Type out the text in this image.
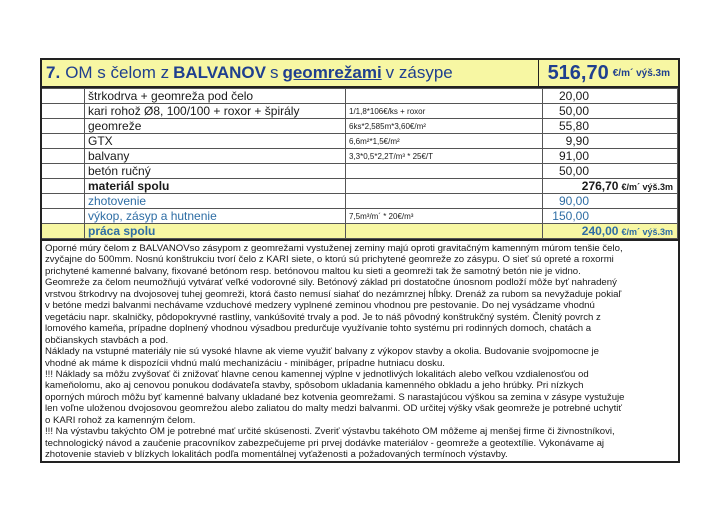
7. OM s čelom z BALVANOV s geomrežami v zásype	516,70 €/m´ výš.3m
	štrkodrva + geomreža pod čelo		20,00
	kari rohož Ø8, 100/100 + roxor + špirály	1/1,8*106€/ks + roxor	50,00
	geomreže	6ks*2,585m*3,60€/m²	55,80
	GTX	6,6m²*1,5€/m²	9,90
	balvany	3,3*0,5*2,2T/m³ * 25€/T	91,00
	betón ručný		50,00
	materiál spolu		276,70 €/m´ výš.3m
	zhotovenie		90,00
	výkop, zásyp a hutnenie	7,5m³/m´ * 20€/m³	150,00
	práca spolu		240,00 €/m´ výš.3m

Oporné múry čelom z BALVANOVso zásypom z geomrežami vystuženej zeminy majú oproti gravitačným kamenným múrom tenšie čelo,

zvyčajne do 500mm. Nosnú konštrukciu tvorí čelo z KARI siete, o ktorú sú prichytené geomreže zo zásypu. O sieť sú opreté a roxormi

prichytené kamenné balvany, fixované betónom resp. betónovou maltou ku sieti a geomreži tak že samotný betón nie je vidno.

Geomreže za čelom neumožňujú vytvárať veľké vodorovné sily. Betónový základ pri dostatočne únosnom podloží môže byť nahradený

vrstvou štrkodrvy na dvojosovej tuhej geomreži, ktorá často nemusí siahať do nezámrznej hĺbky. Drenáž za rubom sa nevyžaduje pokiaľ

v betóne medzi balvanmi nechávame vzduchové medzery vyplnené zeminou vhodnou pre pestovanie. Do nej vysádzame vhodnú

vegetáciu napr. skalničky, pôdopokryvné rastliny, vankúšovité trvaly a pod. Je to náš pôvodný konštrukčný systém. Členitý povrch z

lomového kameňa, prípadne doplnený vhodnou výsadbou predurčuje využívanie tohto systému pri rodinných domoch, chatách a

občianskych stavbách a pod.

Náklady na vstupné materiály nie sú vysoké hlavne ak vieme využiť balvany z výkopov stavby a okolia. Budovanie svojpomocne je

vhodné ak máme k dispozícii vhdnú malú mechanizáciu - minibáger, prípadne hutniacu dosku.

!!! Náklady sa môžu zvyšovať či znižovať hlavne cenou kamennej výplne v jednotlivých lokalitách alebo veľkou vzdialenosťou od

kameňolomu, ako aj cenovou ponukou dodávateľa stavby, spôsobom ukladania kamenného obkladu a jeho hrúbky. Pri nízkych

oporných múroch môžu byť kamenné balvany ukladané bez kotvenia geomrežami. S narastajúcou výškou sa zemina v zásype vystužuje

len voľne uloženou dvojosovou geomrežou alebo zaliatou do malty medzi balvanmi. OD určitej výšky však geomreže je potrebné uchytiť

o KARI rohož za kamenným čelom.

!!! Na výstavbu takýchto OM je potrebné mať určité skúsenosti. Zveriť výstavbu takéhoto OM môžeme aj menšej firme či živnostníkovi,

technologický návod a zaučenie pracovníkov zabezpečujeme pri prvej dodávke materiálov - geomreže a geotextílie. Vykonávame aj

zhotovenie stavieb v blízkych lokalitách podľa momentálnej vyťaženosti a požadovaných termínoch výstavby.
